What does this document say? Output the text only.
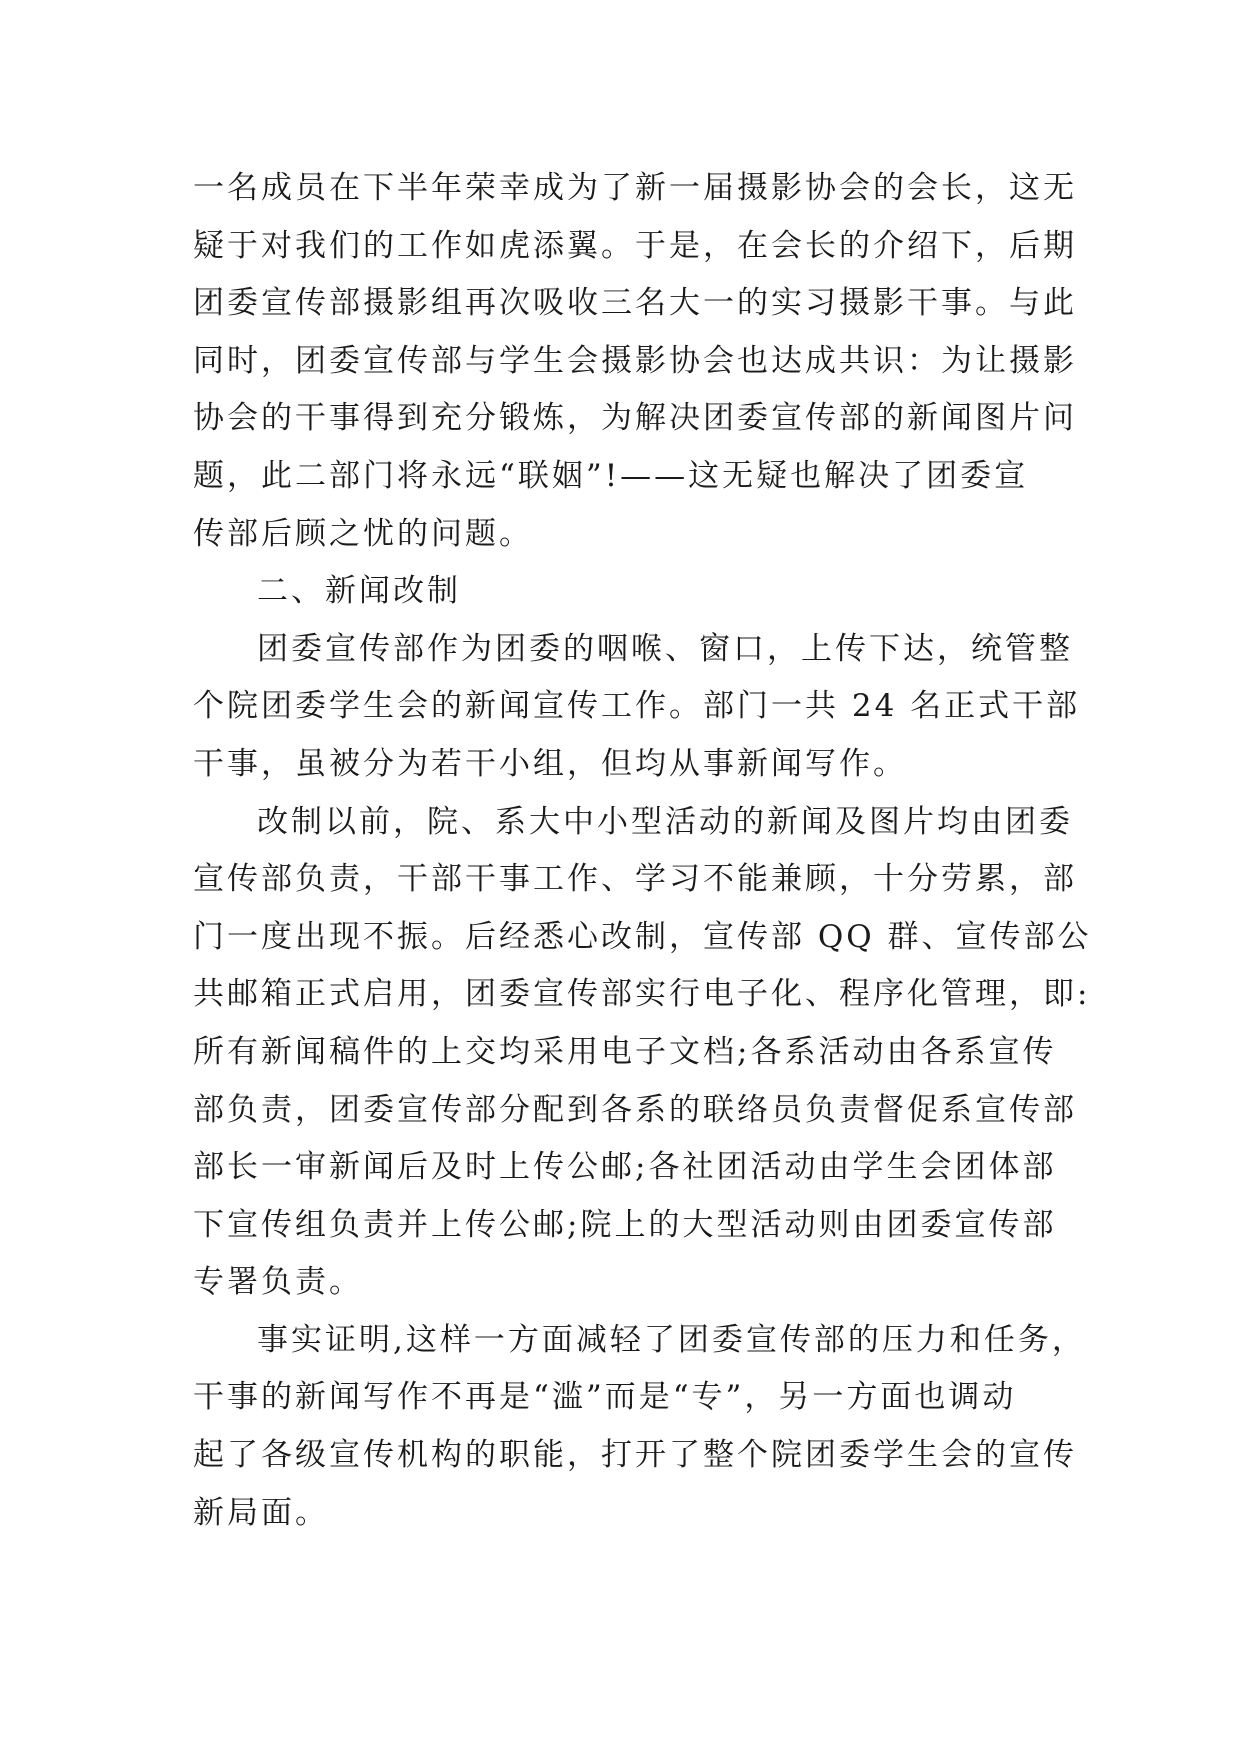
一名成员在下半年荣幸成为了新一届摄影协会的会长，这无
疑于对我们的工作如虎添翼。于是，在会长的介绍下，后期
团委宣传部摄影组再次吸收三名大一的实习摄影干事。与此
同时，团委宣传部与学生会摄影协会也达成共识：为让摄影
协会的干事得到充分锻炼，为解决团委宣传部的新闻图片问
题，此二部门将永远“联姻”!——这无疑也解决了团委宣
传部后顾之忧的问题。
二、新闻改制
团委宣传部作为团委的咽喉、窗口，上传下达，统管整
个院团委学生会的新闻宣传工作。部门一共 24 名正式干部
干事，虽被分为若干小组，但均从事新闻写作。
改制以前，院、系大中小型活动的新闻及图片均由团委
宣传部负责，干部干事工作、学习不能兼顾，十分劳累，部
门一度出现不振。后经悉心改制，宣传部 QQ 群、宣传部公
共邮箱正式启用，团委宣传部实行电子化、程序化管理，即:
所有新闻稿件的上交均采用电子文档;各系活动由各系宣传
部负责，团委宣传部分配到各系的联络员负责督促系宣传部
部长一审新闻后及时上传公邮;各社团活动由学生会团体部
下宣传组负责并上传公邮;院上的大型活动则由团委宣传部
专署负责。
事实证明,这样一方面减轻了团委宣传部的压力和任务，
干事的新闻写作不再是“滥”而是“专”，另一方面也调动
起了各级宣传机构的职能，打开了整个院团委学生会的宣传
新局面。
